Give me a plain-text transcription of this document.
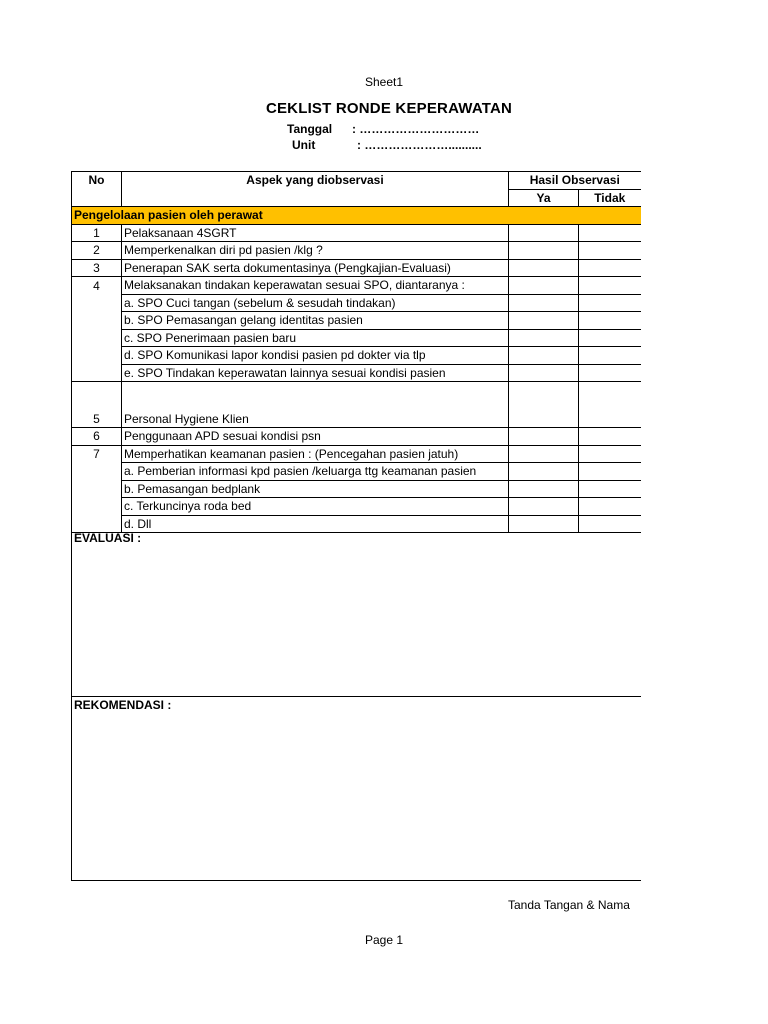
Sheet1
CEKLIST RONDE KEPERAWATAN
Tanggal : …………………………
Unit	: …………………..........
No	Aspek yang diobservasi	Hasil Observasi	
		Ya	Tidak
Pengelolaan pasien oleh perawat			
1	Pelaksanaan 4SGRT		
2	Memperkenalkan diri pd pasien /klg ?		
3	Penerapan SAK serta dokumentasinya (Pengkajian-Evaluasi)		
4	Melaksanakan tindakan keperawatan sesuai SPO, diantaranya :		
	a. SPO Cuci tangan (sebelum & sesudah tindakan)		
	b. SPO Pemasangan gelang identitas pasien		
	c. SPO Penerimaan pasien baru		
	d. SPO Komunikasi lapor kondisi pasien pd dokter via tlp		
	e. SPO Tindakan keperawatan lainnya sesuai kondisi pasien		
5	Personal Hygiene Klien		
6	Penggunaan APD sesuai kondisi psn		
7	Memperhatikan keamanan pasien : (Pencegahan pasien jatuh)		
	a. Pemberian informasi kpd pasien /keluarga ttg keamanan pasien		
	b. Pemasangan bedplank		
	c. Terkuncinya roda bed		
	d. Dll		
EVALUASI :
REKOMENDASI :
Tanda Tangan & Nama
Page 1
